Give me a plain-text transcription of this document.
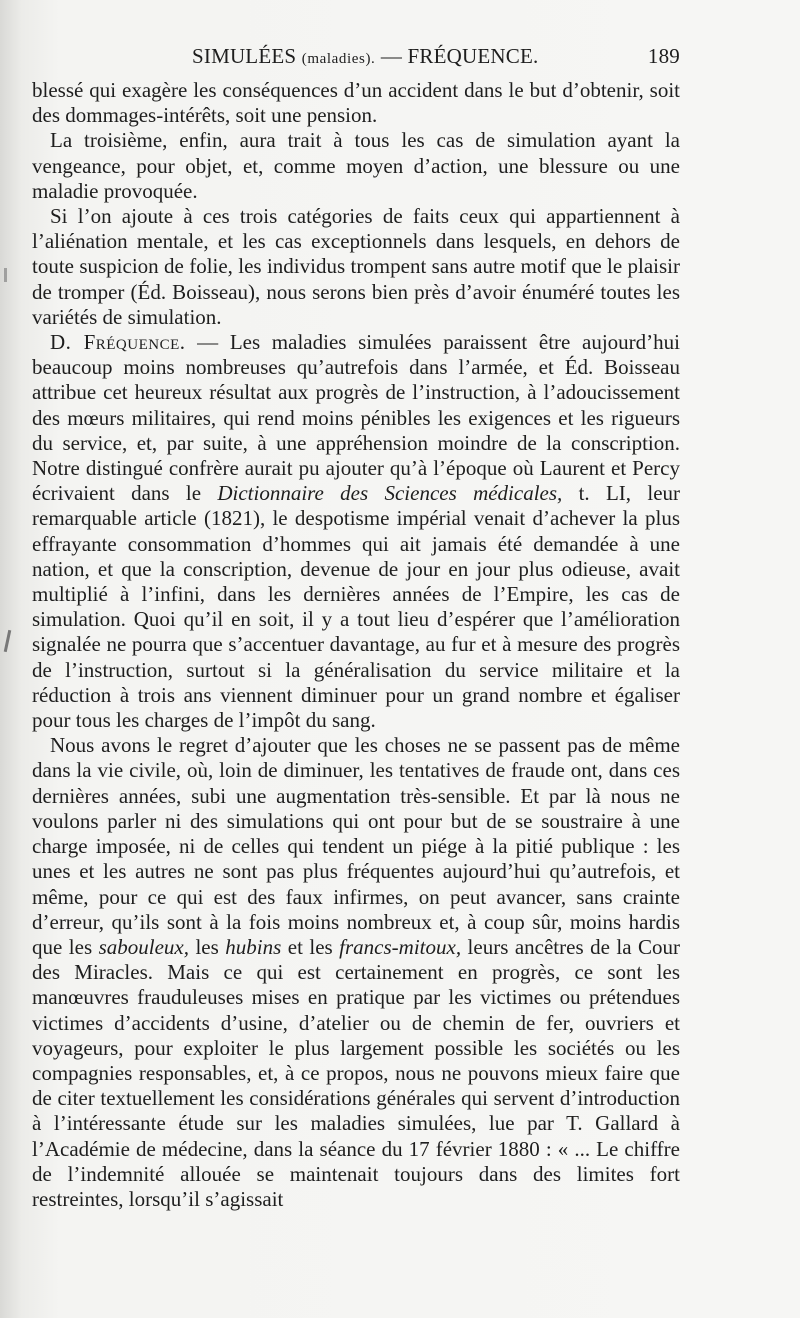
SIMULÉES (maladies). — FRÉQUENCE.	189

blessé qui exagère les conséquences d’un accident dans le but d’obtenir, soit des dommages-intérêts, soit une pension.

La troisième, enfin, aura trait à tous les cas de simulation ayant la vengeance, pour objet, et, comme moyen d’action, une blessure ou une maladie provoquée.

Si l’on ajoute à ces trois catégories de faits ceux qui appartiennent à l’aliénation mentale, et les cas exceptionnels dans lesquels, en dehors de toute suspicion de folie, les individus trompent sans autre motif que le plaisir de tromper (Éd. Boisseau), nous serons bien près d’avoir énuméré toutes les variétés de simulation.

D. Fréquence. — Les maladies simulées paraissent être aujourd’hui beaucoup moins nombreuses qu’autrefois dans l’armée, et Éd. Boisseau attribue cet heureux résultat aux progrès de l’instruction, à l’adoucissement des mœurs militaires, qui rend moins pénibles les exigences et les rigueurs du service, et, par suite, à une appréhension moindre de la conscription. Notre distingué confrère aurait pu ajouter qu’à l’époque où Laurent et Percy écrivaient dans le Dictionnaire des Sciences médicales, t. LI, leur remarquable article (1821), le despotisme impérial venait d’achever la plus effrayante consommation d’hommes qui ait jamais été demandée à une nation, et que la conscription, devenue de jour en jour plus odieuse, avait multiplié à l’infini, dans les dernières années de l’Empire, les cas de simulation. Quoi qu’il en soit, il y a tout lieu d’espérer que l’amélioration signalée ne pourra que s’accentuer davantage, au fur et à mesure des progrès de l’instruction, surtout si la généralisation du service militaire et la réduction à trois ans viennent diminuer pour un grand nombre et égaliser pour tous les charges de l’impôt du sang.

Nous avons le regret d’ajouter que les choses ne se passent pas de même dans la vie civile, où, loin de diminuer, les tentatives de fraude ont, dans ces dernières années, subi une augmentation très-sensible. Et par là nous ne voulons parler ni des simulations qui ont pour but de se soustraire à une charge imposée, ni de celles qui tendent un piége à la pitié publique : les unes et les autres ne sont pas plus fréquentes aujourd’hui qu’autrefois, et même, pour ce qui est des faux infirmes, on peut avancer, sans crainte d’erreur, qu’ils sont à la fois moins nombreux et, à coup sûr, moins hardis que les sabouleux, les hubins et les francs-mitoux, leurs ancêtres de la Cour des Miracles. Mais ce qui est certainement en progrès, ce sont les manœuvres frauduleuses mises en pratique par les victimes ou prétendues victimes d’accidents d’usine, d’atelier ou de chemin de fer, ouvriers et voyageurs, pour exploiter le plus largement possible les sociétés ou les compagnies responsables, et, à ce propos, nous ne pouvons mieux faire que de citer textuellement les considérations générales qui servent d’introduction à l’intéressante étude sur les maladies simulées, lue par T. Gallard à l’Académie de médecine, dans la séance du 17 février 1880 : « ... Le chiffre de l’indemnité allouée se maintenait toujours dans des limites fort restreintes, lorsqu’il s’agissait
